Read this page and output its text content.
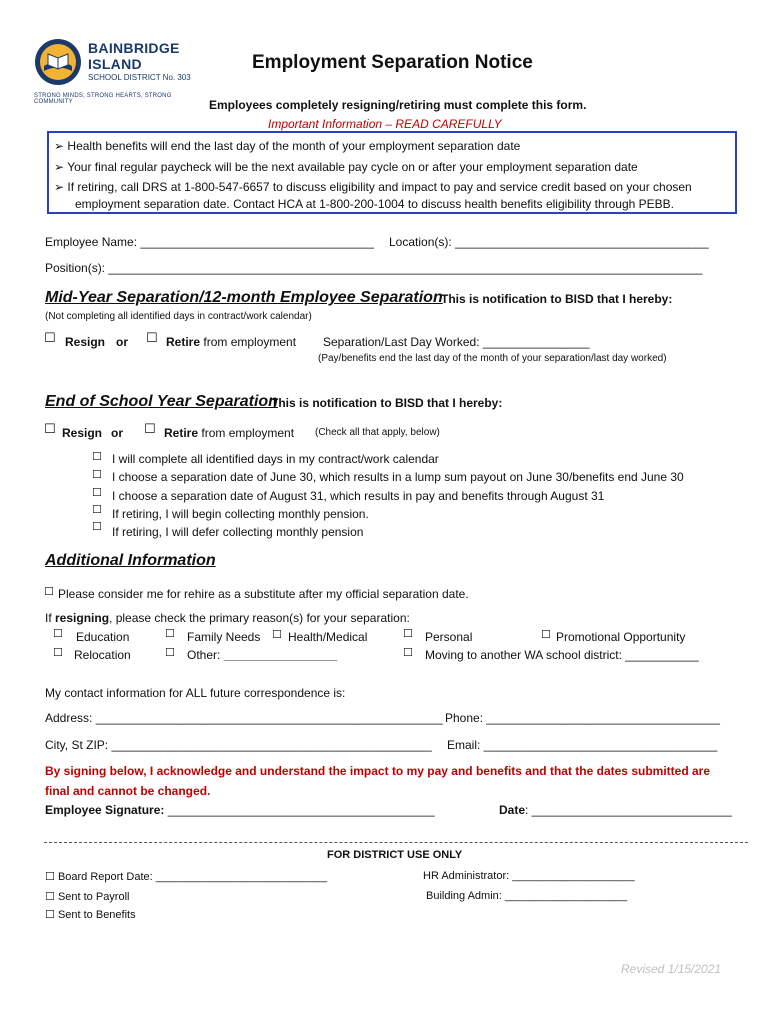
BAINBRIDGE
ISLAND
SCHOOL DISTRICT No. 303
STRONG MINDS, STRONG HEARTS, STRONG COMMUNITY
Employment Separation Notice
Employees completely resigning/retiring must complete this form.
Important Information – READ CAREFULLY
➢ Health benefits will end the last day of the month of your employment separation date
➢ Your final regular paycheck will be the next available pay cycle on or after your employment separation date
➢ If retiring, call DRS at 1-800-547-6657 to discuss eligibility and impact to pay and service credit based on your chosen
employment separation date. Contact HCA at 1-800-200-1004 to discuss health benefits eligibility through PEBB.
Employee Name: ___________________________________ Location(s): ______________________________________
Position(s): _________________________________________________________________________________________
Mid-Year Separation/12-month Employee Separation
This is notification to BISD that I hereby:
(Not completing all identified days in contract/work calendar)
☐ Resign or ☐ Retire from employment Separation/Last Day Worked: ________________
(Pay/benefits end the last day of the month of your separation/last day worked)
End of School Year Separation
This is notification to BISD that I hereby:
☐ Resign or ☐ Retire from employment (Check all that apply, below)
☐ I will complete all identified days in my contract/work calendar
☐ I choose a separation date of June 30, which results in a lump sum payout on June 30/benefits end June 30
☐ I choose a separation date of August 31, which results in pay and benefits through August 31
☐ If retiring, I will begin collecting monthly pension.
☐ If retiring, I will defer collecting monthly pension
Additional Information
☐ Please consider me for rehire as a substitute after my official separation date.
If resigning, please check the primary reason(s) for your separation:
☐ Education	☐ Family Needs ☐ Health/Medical	☐ Personal	☐ Promotional Opportunity
☐ Relocation	☐ Other: _________________	☐ Moving to another WA school district: ___________
My contact information for ALL future correspondence is:
Address: ____________________________________________________ Phone: ___________________________________
City, St ZIP: ________________________________________________ Email: ___________________________________
By signing below, I acknowledge and understand the impact to my pay and benefits and that the dates submitted are
final and cannot be changed.
Employee Signature: ________________________________________	Date: ______________________________
FOR DISTRICT USE ONLY
☐ Board Report Date: ____________________________	HR Administrator: ____________________
☐ Sent to Payroll	Building Admin: ____________________
☐ Sent to Benefits
Revised 1/15/2021
